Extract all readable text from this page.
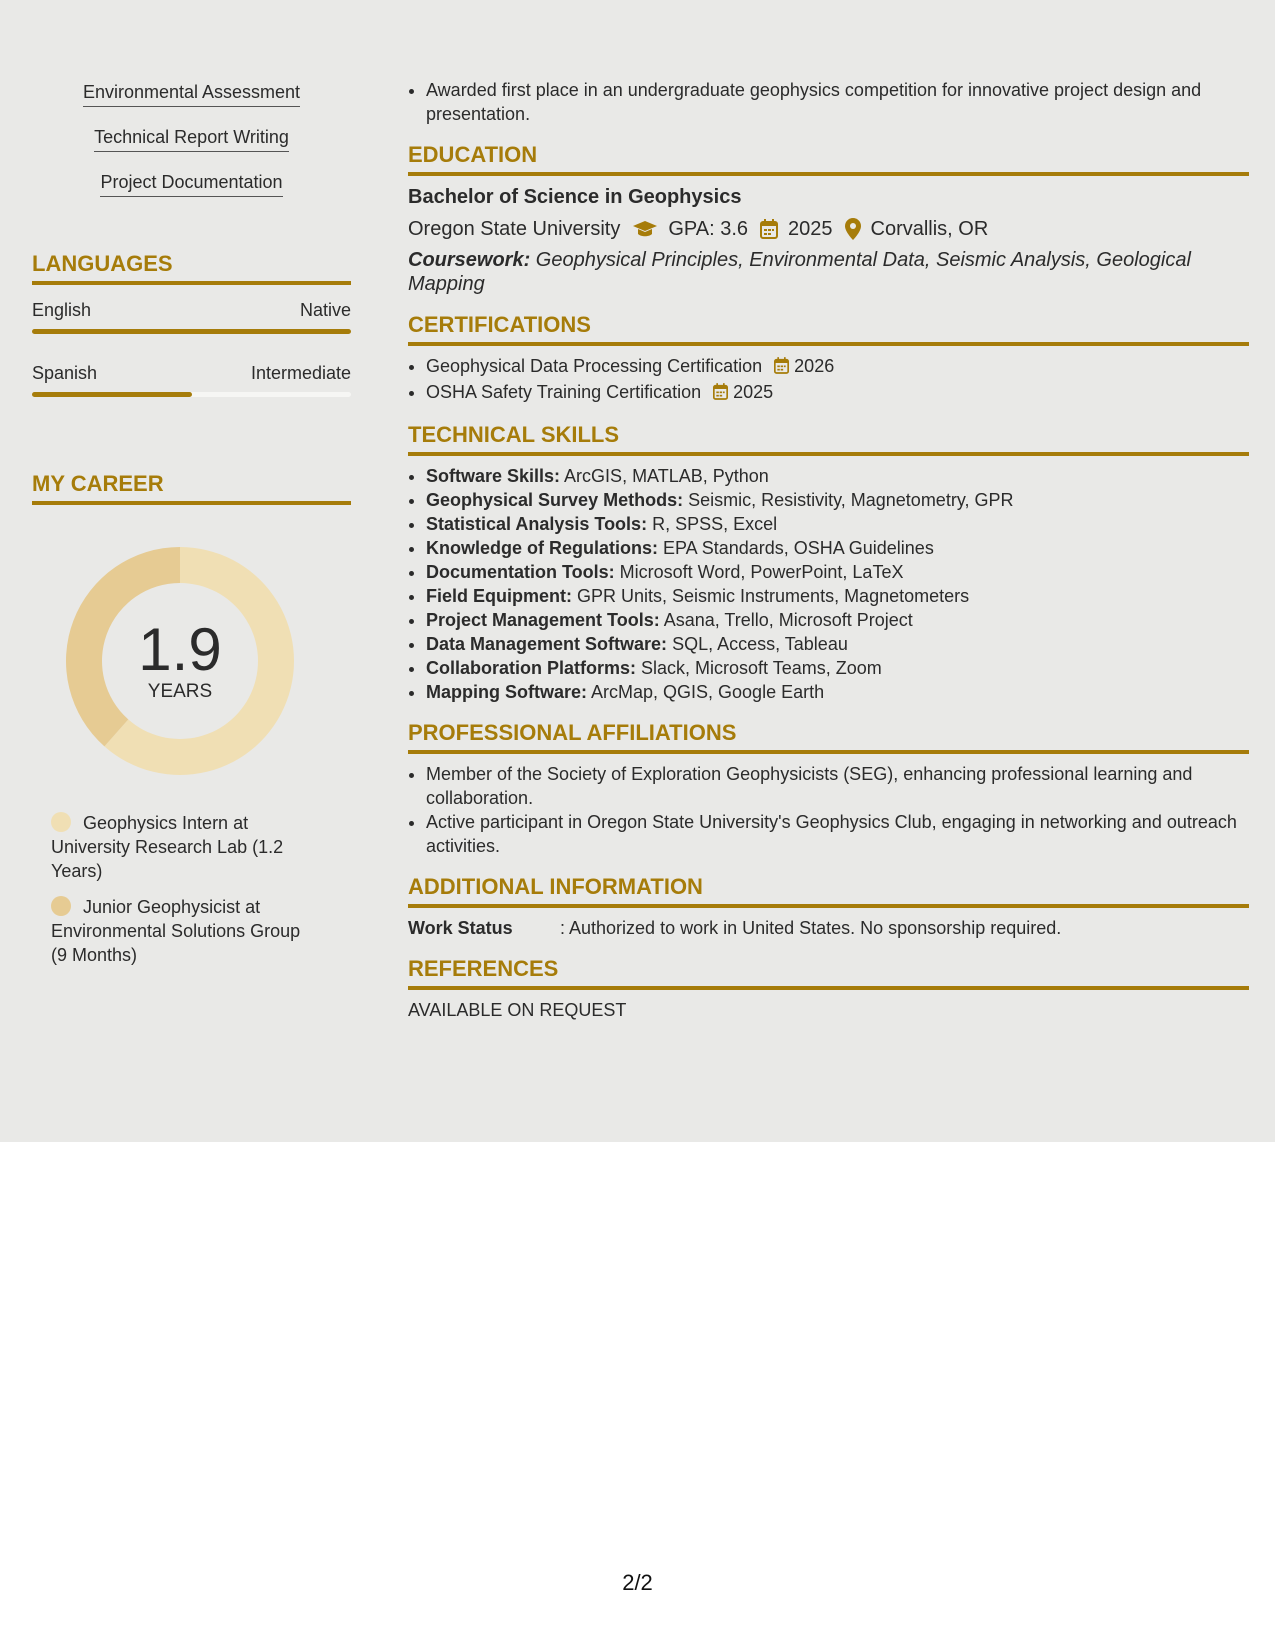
Environmental Assessment
Technical Report Writing
Project Documentation
LANGUAGES
English	Native
Spanish	Intermediate
MY CAREER
1.9
YEARS
Geophysics Intern at University Research Lab (1.2 Years)
Junior Geophysicist at Environmental Solutions Group (9 Months)
• Awarded first place in an undergraduate geophysics competition for innovative project design and presentation.
EDUCATION
Bachelor of Science in Geophysics
Oregon State University GPA: 3.6 2025 Corvallis, OR
Coursework: Geophysical Principles, Environmental Data, Seismic Analysis, Geological Mapping
CERTIFICATIONS
• Geophysical Data Processing Certification 2026
• OSHA Safety Training Certification 2025
TECHNICAL SKILLS
• Software Skills: ArcGIS, MATLAB, Python
• Geophysical Survey Methods: Seismic, Resistivity, Magnetometry, GPR
• Statistical Analysis Tools: R, SPSS, Excel
• Knowledge of Regulations: EPA Standards, OSHA Guidelines
• Documentation Tools: Microsoft Word, PowerPoint, LaTeX
• Field Equipment: GPR Units, Seismic Instruments, Magnetometers
• Project Management Tools: Asana, Trello, Microsoft Project
• Data Management Software: SQL, Access, Tableau
• Collaboration Platforms: Slack, Microsoft Teams, Zoom
• Mapping Software: ArcMap, QGIS, Google Earth
PROFESSIONAL AFFILIATIONS
• Member of the Society of Exploration Geophysicists (SEG), enhancing professional learning and collaboration.
• Active participant in Oregon State University's Geophysics Club, engaging in networking and outreach activities.
ADDITIONAL INFORMATION
Work Status	: Authorized to work in United States. No sponsorship required.
REFERENCES
AVAILABLE ON REQUEST
2/2
